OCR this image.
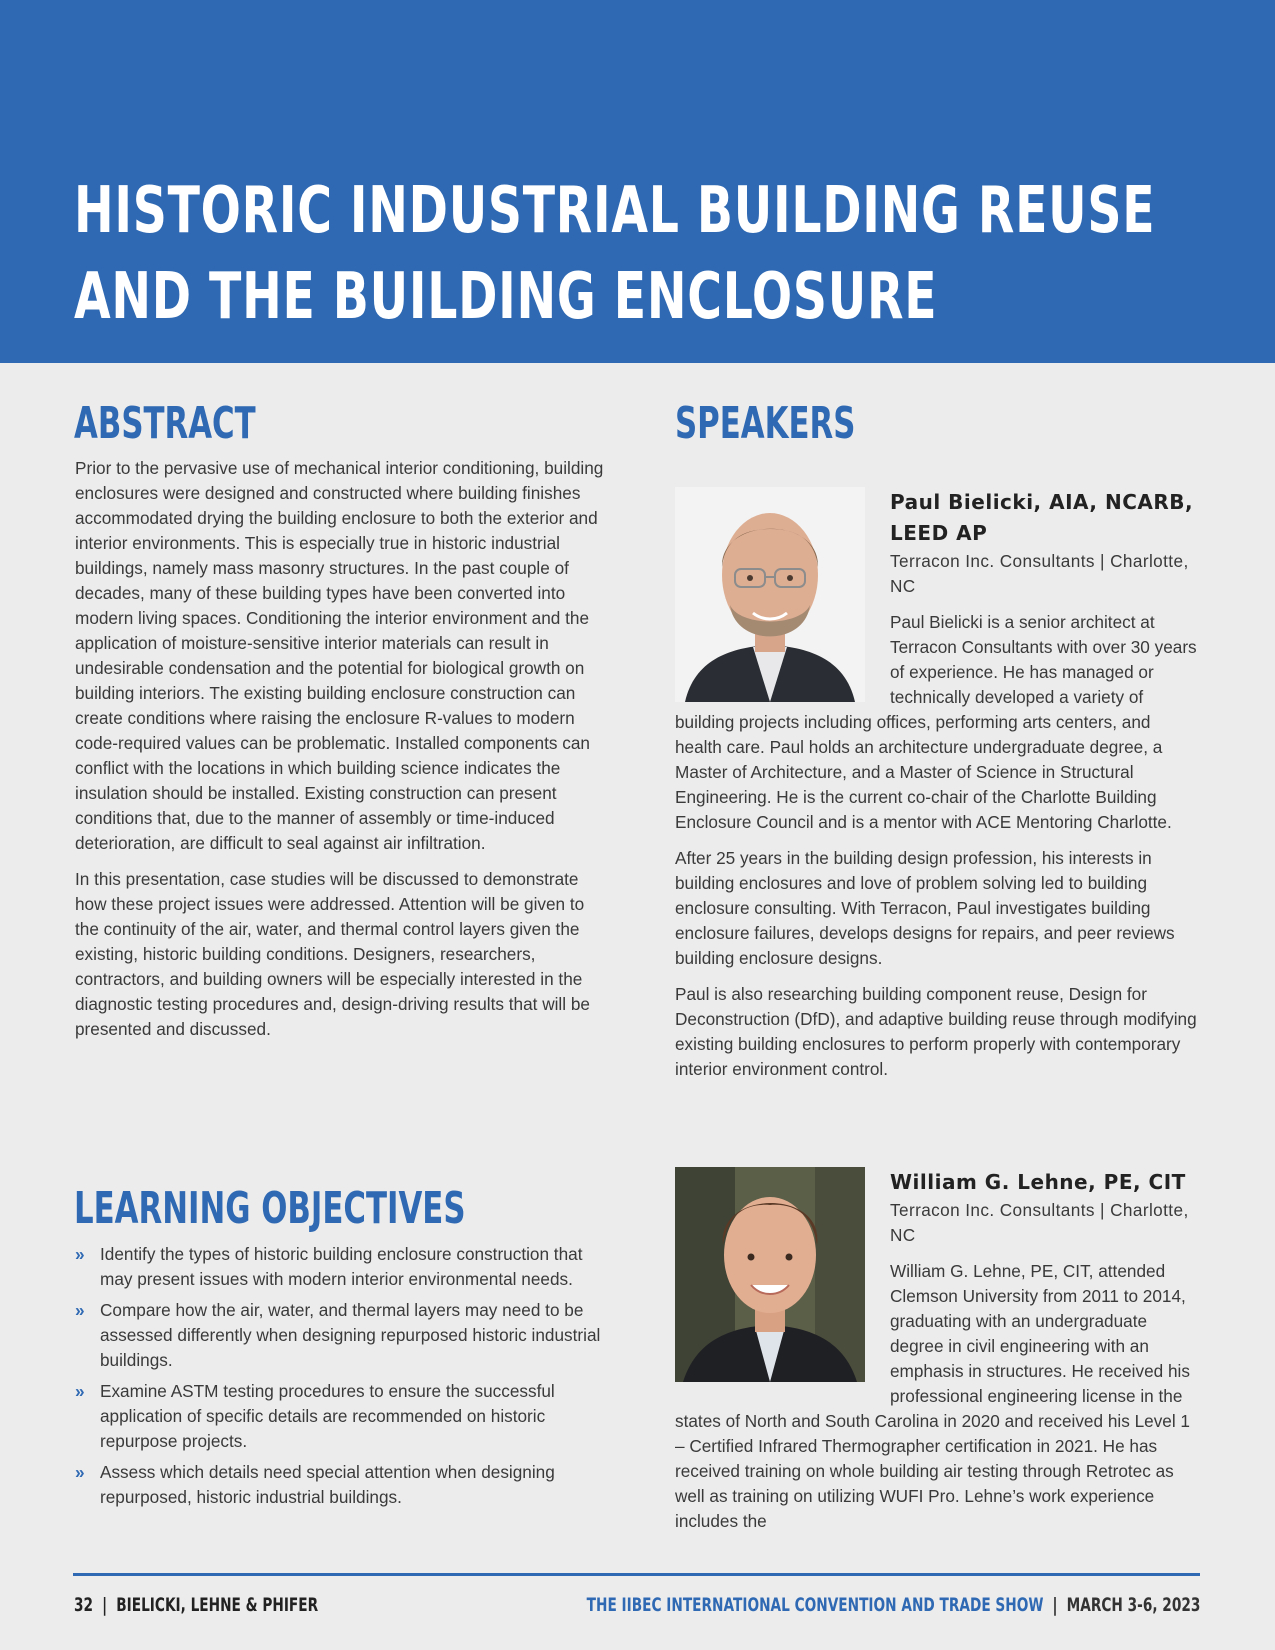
HISTORIC INDUSTRIAL BUILDING REUSE
AND THE BUILDING ENCLOSURE
ABSTRACT

Prior to the pervasive use of mechanical interior conditioning, building enclosures were designed and constructed where building finishes accommodated drying the building enclosure to both the exterior and interior environments. This is especially true in historic industrial buildings, namely mass masonry structures. In the past couple of decades, many of these building types have been converted into modern living spaces. Conditioning the interior environment and the application of moisture-sensitive interior materials can result in undesirable condensation and the potential for biological growth on building interiors. The existing building enclosure construction can create conditions where raising the enclosure R-values to modern code-required values can be problematic. Installed components can conflict with the locations in which building science indicates the insulation should be installed. Existing construction can present conditions that, due to the manner of assembly or time-induced deterioration, are difficult to seal against air infiltration.

In this presentation, case studies will be discussed to demonstrate how these project issues were addressed. Attention will be given to the continuity of the air, water, and thermal control layers given the existing, historic building conditions. Designers, researchers, contractors, and building owners will be especially interested in the diagnostic testing procedures and, design-driving results that will be presented and discussed.

LEARNING OBJECTIVES
» Identify the types of historic building enclosure construction that may present issues with modern interior environmental needs.
» Compare how the air, water, and thermal layers may need to be assessed differently when designing repurposed historic industrial buildings.
» Examine ASTM testing procedures to ensure the successful application of specific details are recommended on historic repurpose projects.
» Assess which details need special attention when designing repurposed, historic industrial buildings.
SPEAKERS

Paul Bielicki, AIA, NCARB, LEED AP

Terracon Inc. Consultants | Charlotte, NC

Paul Bielicki is a senior architect at Terracon Consultants with over 30 years of experience. He has managed or technically developed a variety of building projects including offices, performing arts centers, and health care. Paul holds an architecture undergraduate degree, a Master of Architecture, and a Master of Science in Structural Engineering. He is the current co-chair of the Charlotte Building Enclosure Council and is a mentor with ACE Mentoring Charlotte.

After 25 years in the building design profession, his interests in building enclosures and love of problem solving led to building enclosure consulting. With Terracon, Paul investigates building enclosure failures, develops designs for repairs, and peer reviews building enclosure designs.

Paul is also researching building component reuse, Design for Deconstruction (DfD), and adaptive building reuse through modifying existing building enclosures to perform properly with contemporary interior environment control.

William G. Lehne, PE, CIT

Terracon Inc. Consultants | Charlotte, NC

William G. Lehne, PE, CIT, attended Clemson University from 2011 to 2014, graduating with an undergraduate degree in civil engineering with an emphasis in structures. He received his professional engineering license in the states of North and South Carolina in 2020 and received his Level 1 – Certified Infrared Thermographer certification in 2021. He has received training on whole building air testing through Retrotec as well as training on utilizing WUFI Pro. Lehne’s work experience includes the

32 | BIELICKI, LEHNE & PHIFER	THE IIBEC INTERNATIONAL CONVENTION AND TRADE SHOW | MARCH 3-6, 2023
